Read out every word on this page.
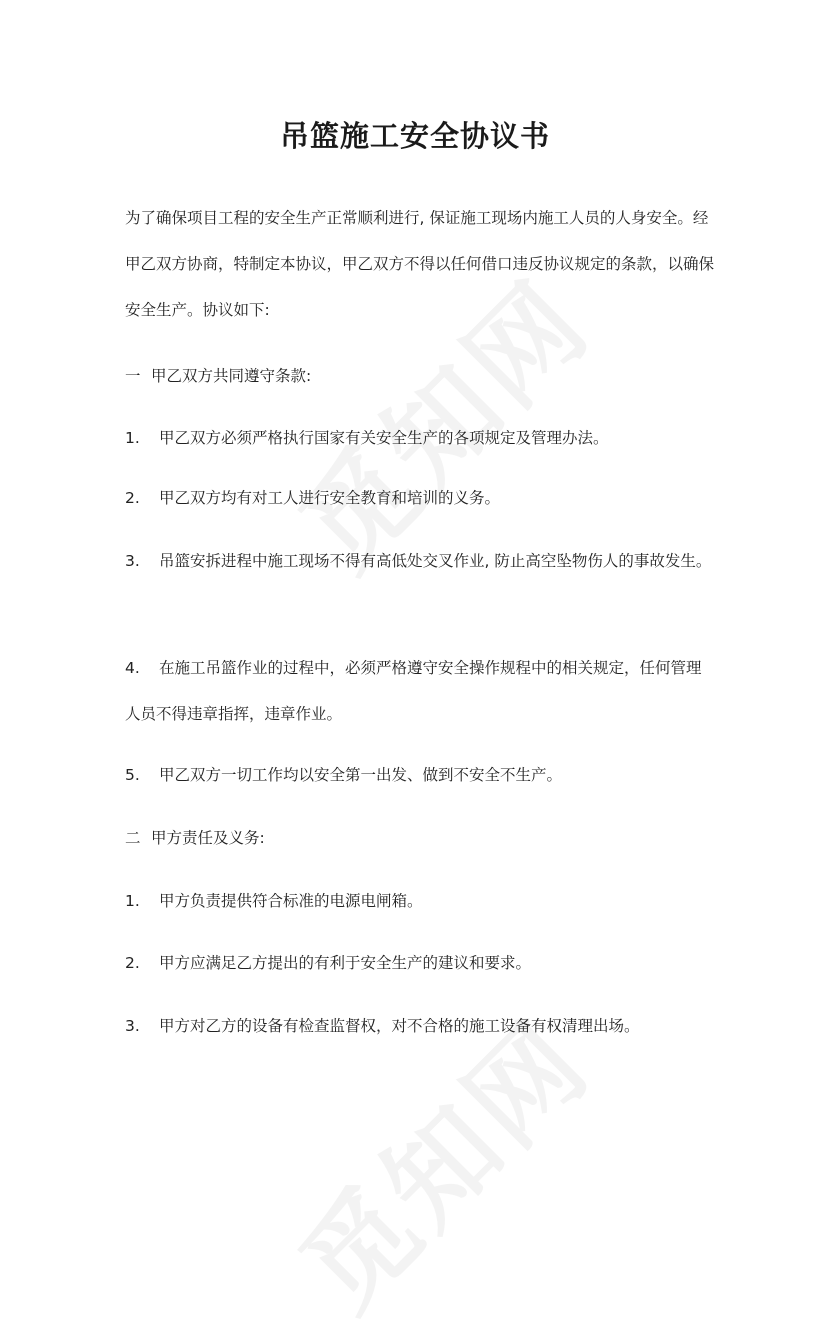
吊篮施工安全协议书

为了确保项目工程的安全生产正常顺利进行, 保证施工现场内施工人员的人身安全。经甲乙双方协商，特制定本协议，甲乙双方不得以任何借口违反协议规定的条款，以确保安全生产。协议如下:

一 甲乙双方共同遵守条款:

1. 甲乙双方必须严格执行国家有关安全生产的各项规定及管理办法。

2. 甲乙双方均有对工人进行安全教育和培训的义务。

3. 吊篮安拆进程中施工现场不得有高低处交叉作业, 防止高空坠物伤人的事故发生。

4. 在施工吊篮作业的过程中，必须严格遵守安全操作规程中的相关规定，任何管理人员不得违章指挥，违章作业。

5. 甲乙双方一切工作均以安全第一出发、做到不安全不生产。

二 甲方责任及义务:

1. 甲方负责提供符合标准的电源电闸箱。

2. 甲方应满足乙方提出的有利于安全生产的建议和要求。

3. 甲方对乙方的设备有检查监督权，对不合格的施工设备有权清理出场。
